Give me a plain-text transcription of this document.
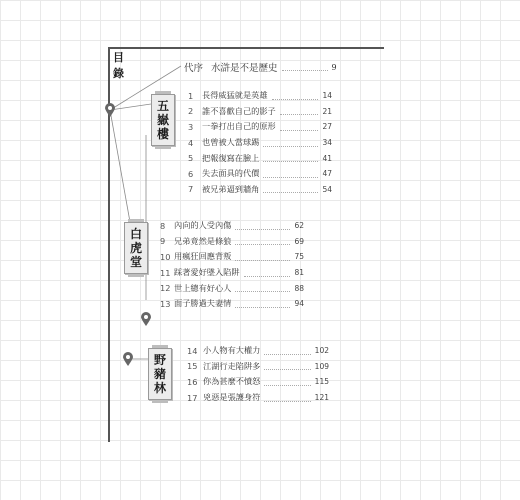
目錄	代序 水滸是不是歷史	9
五嶽樓
1	長得威猛就是英雄	14
2	誰不喜歡自己的影子	21
3	一拳打出自己的原形	27
4	也曾被人當球踢	34
5	把報復寫在臉上	41
6	失去面具的代價	47
7	被兄弟逼到牆角	54
白虎堂
8	內向的人受內傷	62
9	兄弟竟然是條狼	69
10 用瘋狂回應背叛	75
11 踩著愛好墜入陷阱	81
12 世上總有好心人	88
13 面子勝過夫妻情	94
野豬林
14 小人物有大權力	102
15 江湖行走陷阱多	109
16 你為甚麼不憤怒	115
17 兇惡是張護身符	121
